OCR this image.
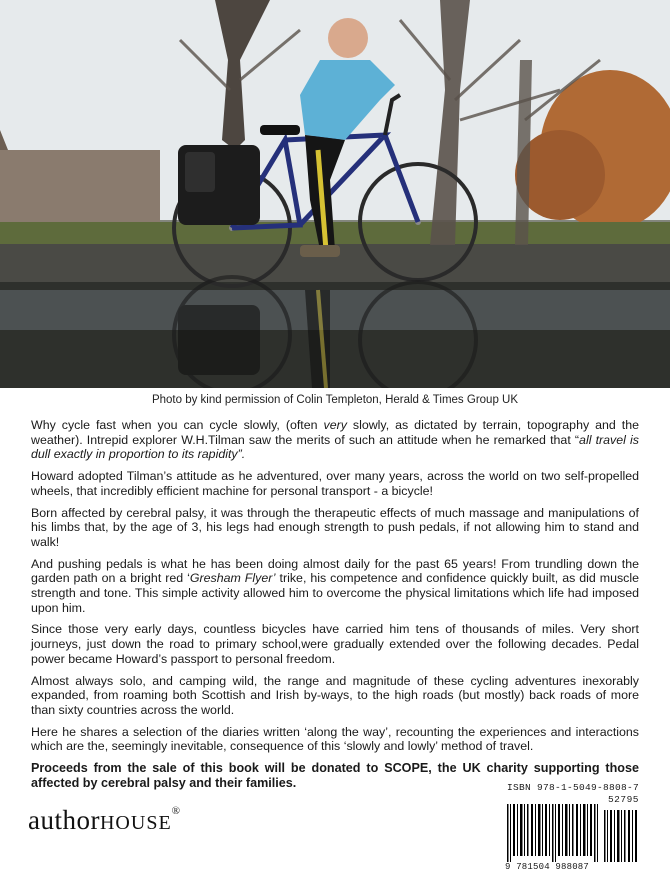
Photo by kind permission of Colin Templeton, Herald & Times Group UK

Why cycle fast when you can cycle slowly, (often very slowly, as dictated by terrain, topography and the weather). Intrepid explorer W.H.Tilman saw the merits of such an attitude when he remarked that “all travel is dull exactly in proportion to its rapidity”.

Howard adopted Tilman’s attitude as he adventured, over many years, across the world on two self-propelled wheels, that incredibly efficient machine for personal transport - a bicycle!

Born affected by cerebral palsy, it was through the therapeutic effects of much massage and manipulations of his limbs that, by the age of 3, his legs had enough strength to push pedals, if not allowing him to stand and walk!

And pushing pedals is what he has been doing almost daily for the past 65 years! From trundling down the garden path on a bright red ‘Gresham Flyer’ trike, his competence and confidence quickly built, as did muscle strength and tone. This simple activity allowed him to overcome the physical limitations which life had imposed upon him.

Since those very early days, countless bicycles have carried him tens of thousands of miles. Very short journeys, just down the road to primary school,were gradually extended over the following decades. Pedal power became Howard’s passport to personal freedom.

Almost always solo, and camping wild, the range and magnitude of these cycling adventures inexorably expanded, from roaming both Scottish and Irish by-ways, to the high roads (but mostly) back roads of more than sixty countries across the world.

Here he shares a selection of the diaries written ‘along the way’, recounting the experiences and interactions which are the, seemingly inevitable, consequence of this ‘slowly and lowly’ method of travel.

Proceeds from the sale of this book will be donated to SCOPE, the UK charity supporting those affected by cerebral palsy and their families.

authorHOUSE®
ISBN 978-1-5049-8808-7
52795
9 781504 988087
